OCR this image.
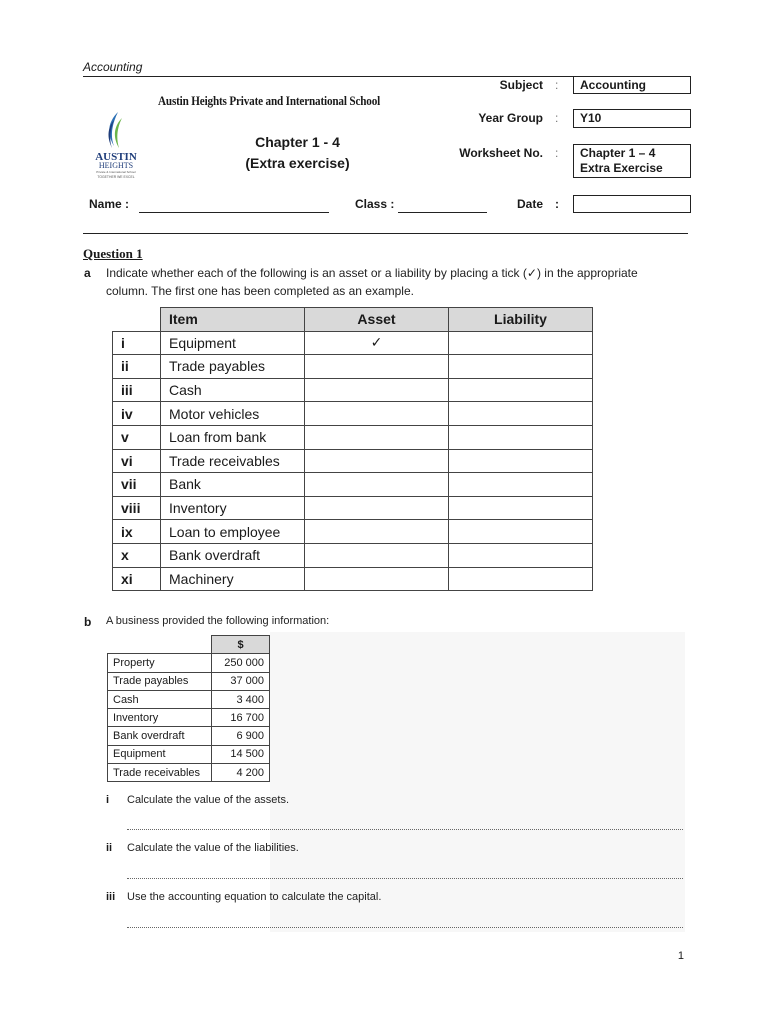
Accounting
Austin Heights Private and International School
AUSTIN
HEIGHTS
Private & International School
TOGETHER WE EXCEL
Chapter 1 - 4
(Extra exercise)
Subject :	Accounting
Year Group :	Y10
Worksheet No. : Chapter 1 – 4
Extra Exercise
Name :	Class :	Date :
Question 1
a Indicate whether each of the following is an asset or a liability by placing a tick (✓) in the appropriate
column. The first one has been completed as an example.
	Item	Asset	Liability
i	Equipment	✓	
ii	Trade payables		
iii	Cash		
iv	Motor vehicles		
v	Loan from bank		
vi	Trade receivables		
vii	Bank		
viii	Inventory		
ix	Loan to employee		
x	Bank overdraft		
xi	Machinery		
b A business provided the following information:
	$
Property	250 000
Trade payables	37 000
Cash	3 400
Inventory	16 700
Bank overdraft	6 900
Equipment	14 500
Trade receivables	4 200
i Calculate the value of the assets.
ii Calculate the value of the liabilities.
iii Use the accounting equation to calculate the capital.
1
